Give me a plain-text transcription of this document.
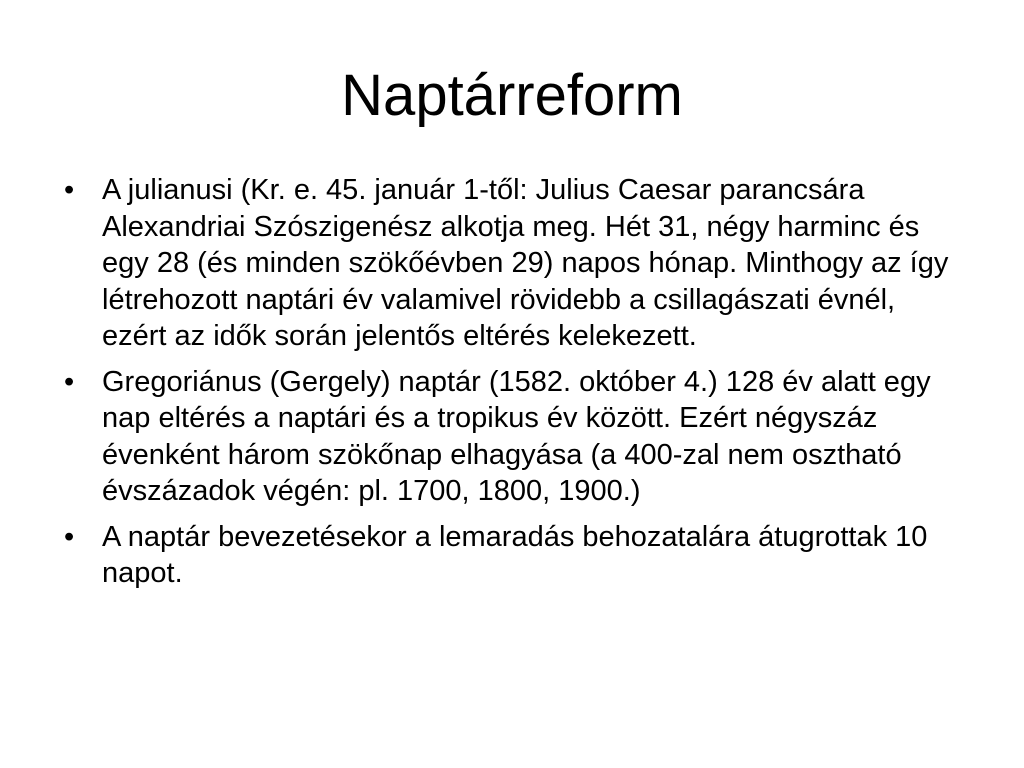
Naptárreform
• A julianusi (Kr. e. 45. január 1-től: Julius Caesar parancsára Alexandriai Szószigenész alkotja meg. Hét 31, négy harminc és egy 28 (és minden szökőévben 29) napos hónap. Minthogy az így létrehozott naptári év valamivel rövidebb a csillagászati évnél, ezért az idők során jelentős eltérés kelekezett.
• Gregoriánus (Gergely) naptár (1582. október 4.) 128 év alatt egy nap eltérés a naptári és a tropikus év között. Ezért négyszáz évenként három szökőnap elhagyása (a 400-zal nem osztható évszázadok végén: pl. 1700, 1800, 1900.)
• A naptár bevezetésekor a lemaradás behozatalára átugrottak 10 napot.
